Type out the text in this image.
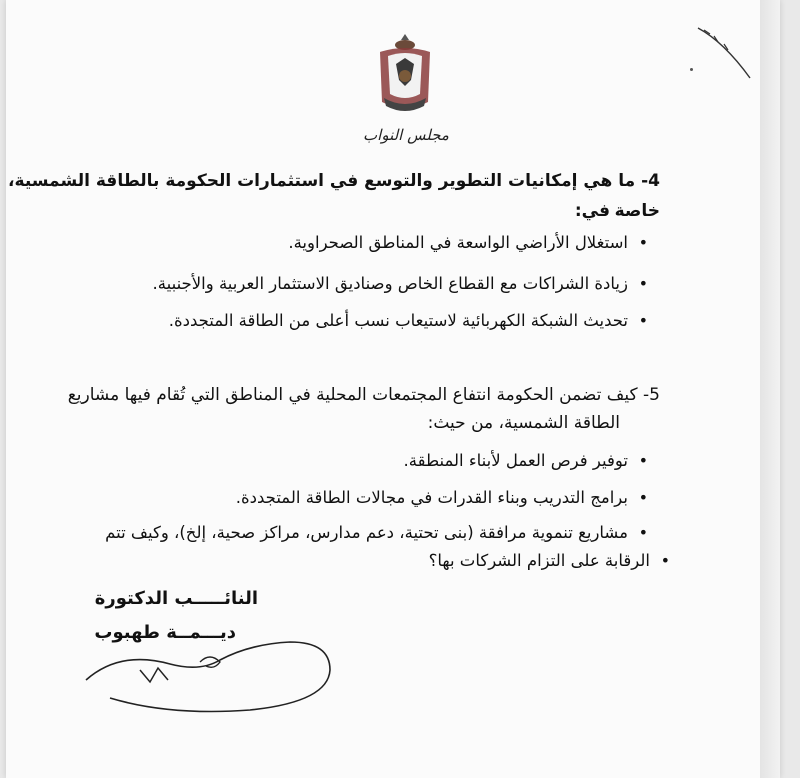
مجلس النواب
4- ما هي إمكانيات التطوير والتوسع في استثمارات الحكومة بالطاقة الشمسية، خاصة
في:
استغلال الأراضي الواسعة في المناطق الصحراوية. •
زيادة الشراكات مع القطاع الخاص وصناديق الاستثمار العربية والأجنبية. •
تحديث الشبكة الكهربائية لاستيعاب نسب أعلى من الطاقة المتجددة. •
5- كيف تضمن الحكومة انتفاع المجتمعات المحلية في المناطق التي تُقام فيها مشاريع
الطاقة الشمسية، من حيث:
توفير فرص العمل لأبناء المنطقة. •
برامج التدريب وبناء القدرات في مجالات الطاقة المتجددة. •
مشاريع تنموية مرافقة (بنى تحتية، دعم مدارس، مراكز صحية، إلخ)، وكيف تتم •
الرقابة على التزام الشركات بها؟ •
النائـــــب الدكتورة
ديـــمــة طهبوب
